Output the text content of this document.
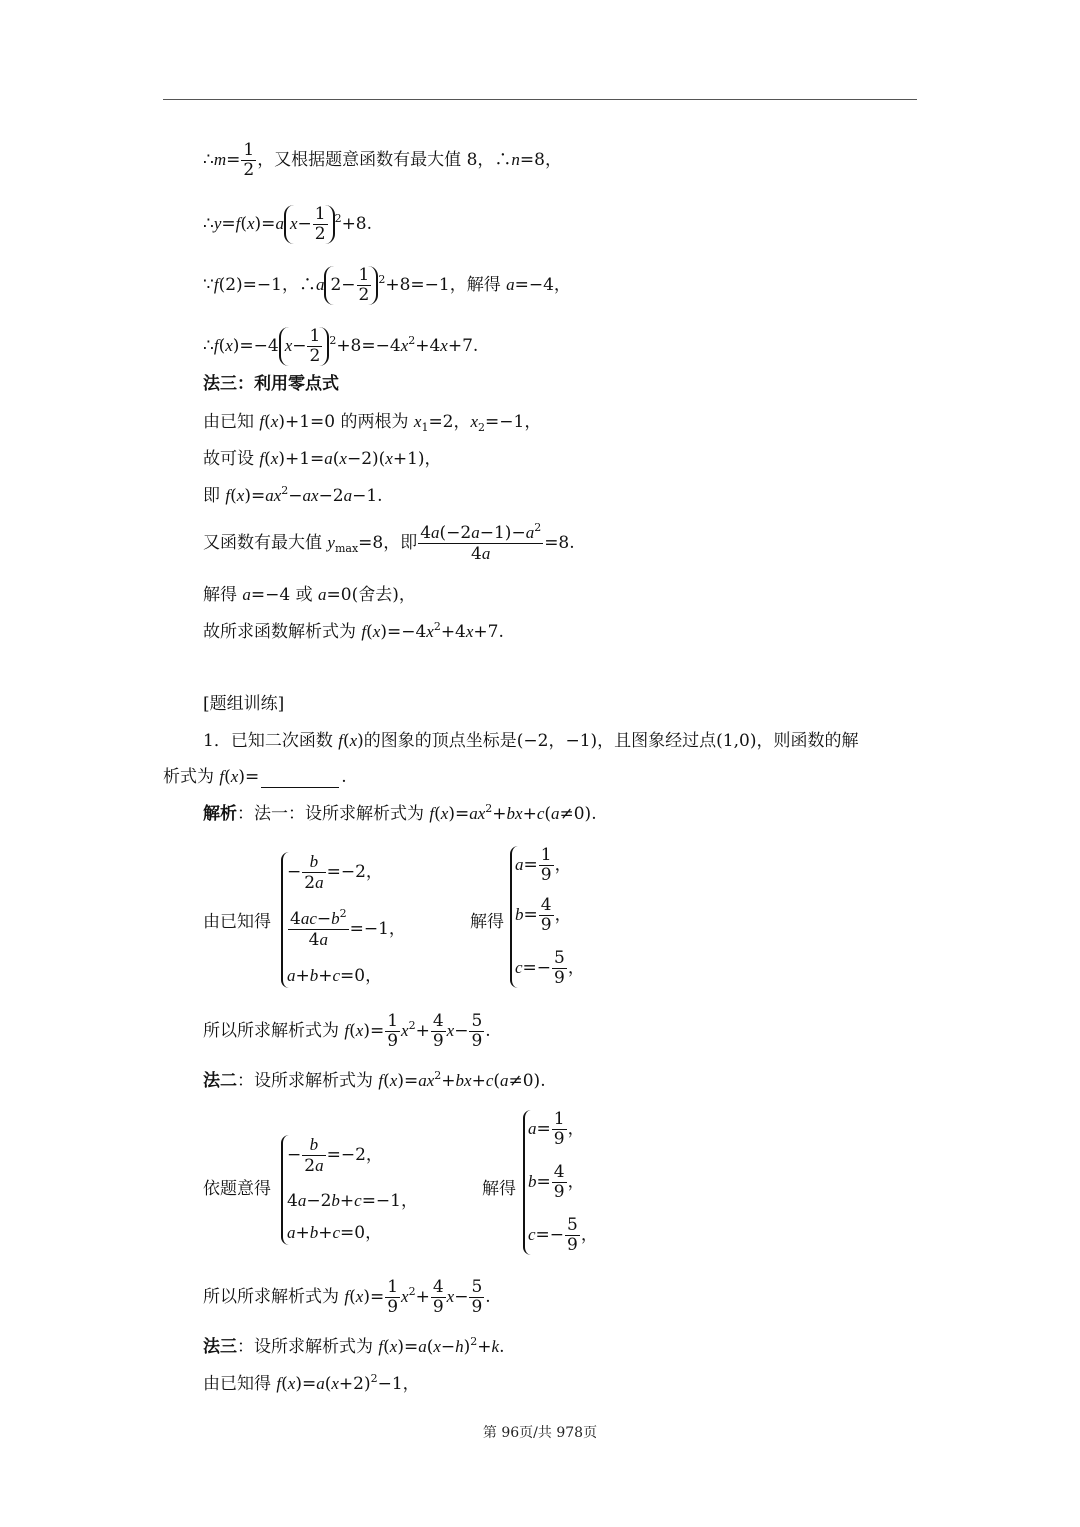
∴m= $\frac{1}{2}$ ，又根据题意函数有最大值 8，∴n=8，
∴y=f(x)=a $x- \frac{1}{2} ^2+8$.
∵f(2)=−1，∴a $2- \frac{1}{2} ^2+8=-1$，解得 a=−4，
∴f(x)=−4 $x- \frac{1}{2} ^2+8=-4x^2+4x+7$.
法三：利用零点式
由已知 f(x)+1=0 的两根为 $x_1=2$，$x_2=-1$，
故可设 f(x)+1=a(x−2)(x+1)，
即 $f(x)=ax^2-ax-2a-1$.
又函数有最大值 $y_{max}=8$，即 $\frac{4a(-2a-1)-a^2}{4a} =8$.
解得 a=−4 或 a=0(舍去)，
故所求函数解析式为 $f(x)=-4x^2+4x+7$.
[题组训练]
1．已知二次函数 f(x)的图象的顶点坐标是(−2，−1)，且图象经过点(1,0)，则函数的解
析式为 f(x)=	.
解析：法一：设所求解析式为 $f(x)=ax^2+bx+c(a\ne 0)$.
由已知得
− $\frac{b}{2a} =-2$，
$\frac{4ac-b^2}{4a} =-1$，
a+b+c=0，
解得
$a= \frac{1}{9}$ ，
$b= \frac{4}{9}$ ，
$c=- \frac{5}{9}$ ，
所以所求解析式为 $f(x)= \frac{1}{9} x^2+ \frac{4}{9} x- \frac{5}{9}$ .
法二：设所求解析式为 $f(x)=ax^2+bx+c(a\ne 0)$.
依题意得
− $\frac{b}{2a} =-2$，
4a−2b+c=−1，
a+b+c=0，
解得
$a= \frac{1}{9}$ ，
$b= \frac{4}{9}$ ，
$c=- \frac{5}{9}$ ，
所以所求解析式为 $f(x)= \frac{1}{9} x^2+ \frac{4}{9} x- \frac{5}{9}$ .
法三：设所求解析式为 $f(x)=a(x-h)^2+k$.
由已知得 $f(x)=a(x+2)^2-1$，
第 96页/共 978页
